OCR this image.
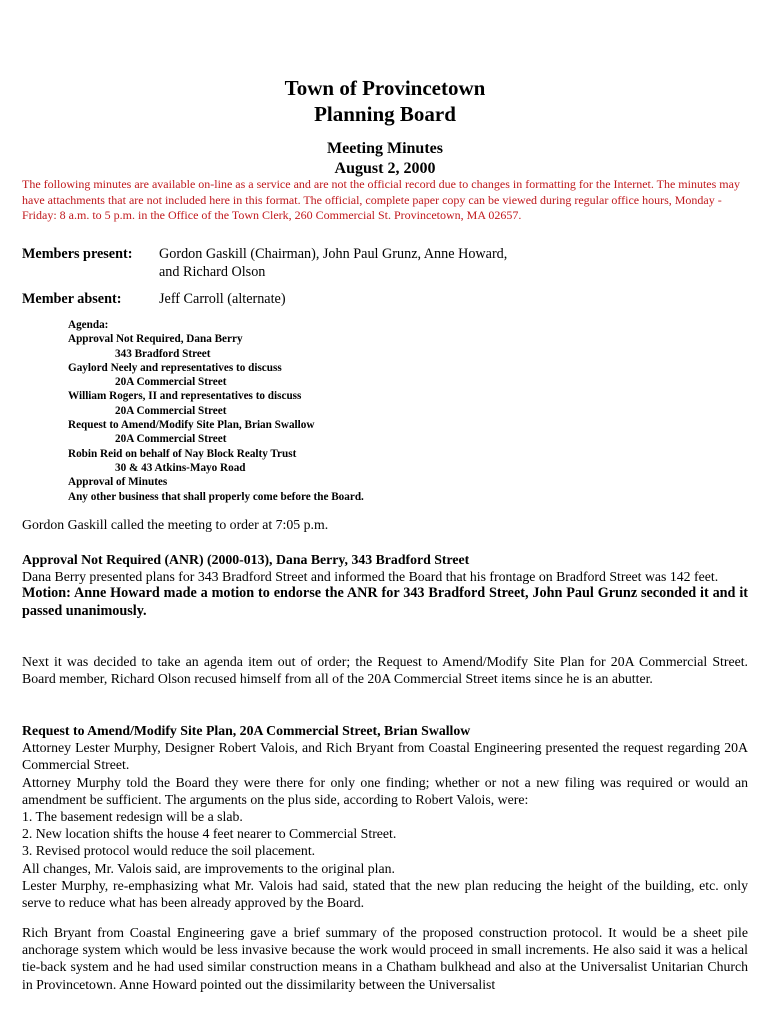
Town of Provincetown
Planning Board
Meeting Minutes
August 2, 2000
The following minutes are available on-line as a service and are not the official record due to changes in formatting for the Internet. The minutes may have attachments that are not included here in this format. The official, complete paper copy can be viewed during regular office hours, Monday - Friday: 8 a.m. to 5 p.m. in the Office of the Town Clerk, 260 Commercial St. Provincetown, MA 02657.
Members present: Gordon Gaskill (Chairman), John Paul Grunz, Anne Howard,
and Richard Olson
Member absent:	Jeff Carroll (alternate)
Agenda:
Approval Not Required, Dana Berry
343 Bradford Street
Gaylord Neely and representatives to discuss
20A Commercial Street
William Rogers, II and representatives to discuss
20A Commercial Street
Request to Amend/Modify Site Plan, Brian Swallow
20A Commercial Street
Robin Reid on behalf of Nay Block Realty Trust
30 & 43 Atkins-Mayo Road
Approval of Minutes
Any other business that shall properly come before the Board.

Gordon Gaskill called the meeting to order at 7:05 p.m.

Approval Not Required (ANR) (2000-013), Dana Berry, 343 Bradford Street

Dana Berry presented plans for 343 Bradford Street and informed the Board that his frontage on Bradford Street was 142 feet.

Motion: Anne Howard made a motion to endorse the ANR for 343 Bradford Street, John Paul Grunz seconded it and it passed unanimously.

Next it was decided to take an agenda item out of order; the Request to Amend/Modify Site Plan for 20A Commercial Street. Board member, Richard Olson recused himself from all of the 20A Commercial Street items since he is an abutter.

Request to Amend/Modify Site Plan, 20A Commercial Street, Brian Swallow

Attorney Lester Murphy, Designer Robert Valois, and Rich Bryant from Coastal Engineering presented the request regarding 20A Commercial Street.

Attorney Murphy told the Board they were there for only one finding; whether or not a new filing was required or would an amendment be sufficient. The arguments on the plus side, according to Robert Valois, were:

1. The basement redesign will be a slab.

2. New location shifts the house 4 feet nearer to Commercial Street.

3. Revised protocol would reduce the soil placement.

All changes, Mr. Valois said, are improvements to the original plan.

Lester Murphy, re-emphasizing what Mr. Valois had said, stated that the new plan reducing the height of the building, etc. only serve to reduce what has been already approved by the Board.

Rich Bryant from Coastal Engineering gave a brief summary of the proposed construction protocol. It would be a sheet pile anchorage system which would be less invasive because the work would proceed in small increments. He also said it was a helical tie-back system and he had used similar construction means in a Chatham bulkhead and also at the Universalist Unitarian Church in Provincetown. Anne Howard pointed out the dissimilarity between the Universalist
